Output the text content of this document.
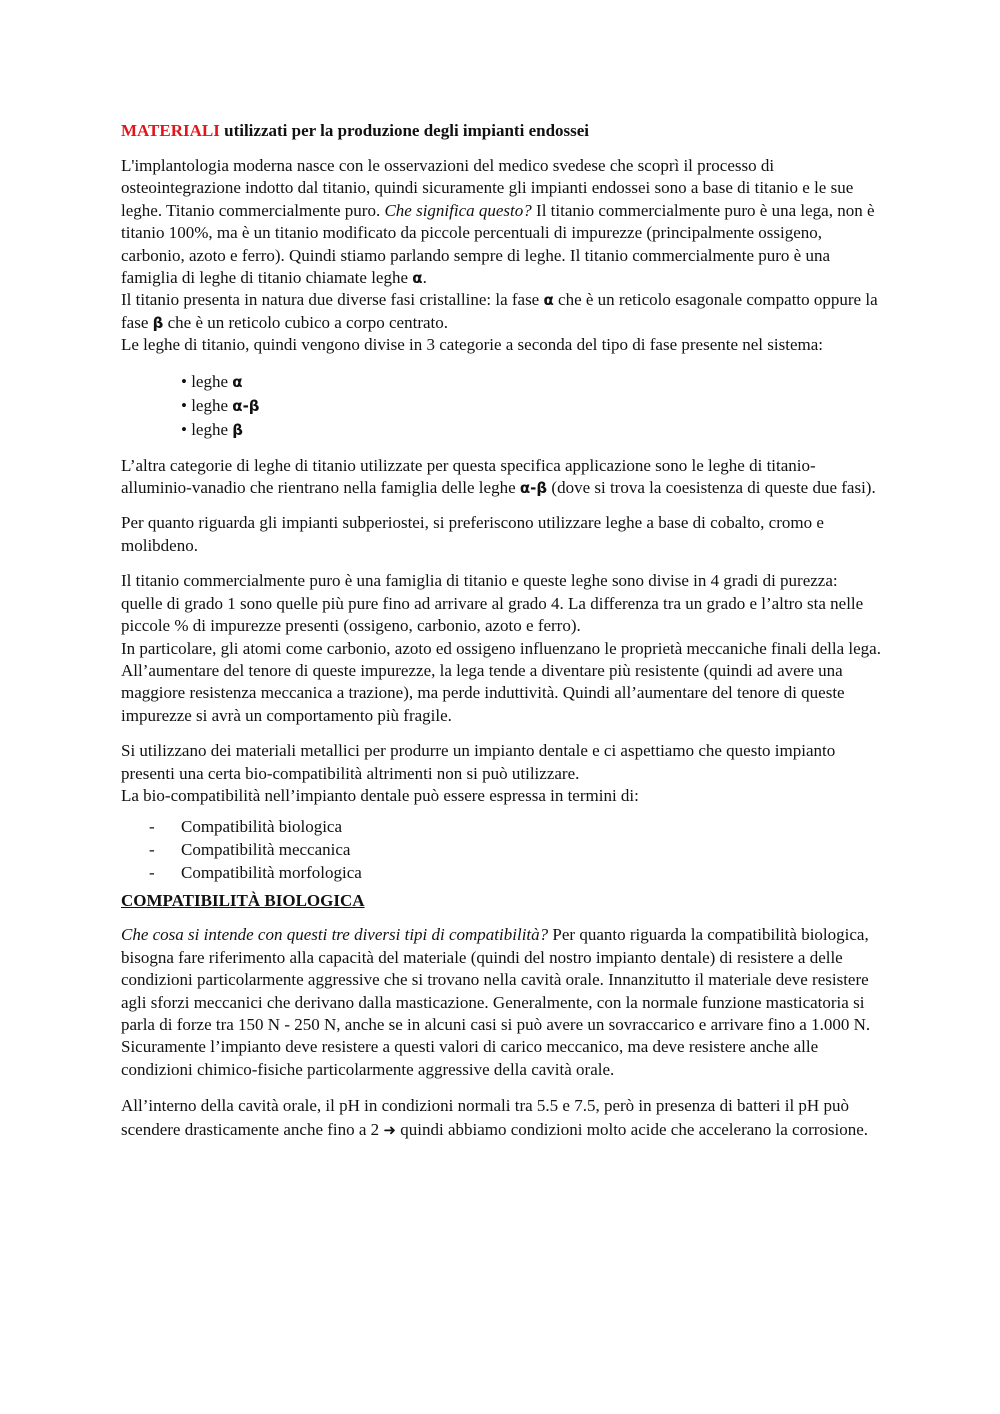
MATERIALI utilizzati per la produzione degli impianti endossei
L'implantologia moderna nasce con le osservazioni del medico svedese che scoprì il processo di osteointegrazione indotto dal titanio, quindi sicuramente gli impianti endossei sono a base di titanio e le sue leghe. Titanio commercialmente puro. Che significa questo? Il titanio commercialmente puro è una lega, non è titanio 100%, ma è un titanio modificato da piccole percentuali di impurezze (principalmente ossigeno, carbonio, azoto e ferro). Quindi stiamo parlando sempre di leghe. Il titanio commercialmente puro è una famiglia di leghe di titanio chiamate leghe α.
Il titanio presenta in natura due diverse fasi cristalline: la fase α che è un reticolo esagonale compatto oppure la fase β che è un reticolo cubico a corpo centrato.
Le leghe di titanio, quindi vengono divise in 3 categorie a seconda del tipo di fase presente nel sistema:
• leghe α
• leghe α-β
• leghe β

L’altra categorie di leghe di titanio utilizzate per questa specifica applicazione sono le leghe di titanio-alluminio-vanadio che rientrano nella famiglia delle leghe α-β (dove si trova la coesistenza di queste due fasi).

Per quanto riguarda gli impianti subperiostei, si preferiscono utilizzare leghe a base di cobalto, cromo e molibdeno.

Il titanio commercialmente puro è una famiglia di titanio e queste leghe sono divise in 4 gradi di purezza: quelle di grado 1 sono quelle più pure fino ad arrivare al grado 4. La differenza tra un grado e l’altro sta nelle piccole % di impurezze presenti (ossigeno, carbonio, azoto e ferro).
In particolare, gli atomi come carbonio, azoto ed ossigeno influenzano le proprietà meccaniche finali della lega. All’aumentare del tenore di queste impurezze, la lega tende a diventare più resistente (quindi ad avere una maggiore resistenza meccanica a trazione), ma perde induttività. Quindi all’aumentare del tenore di queste impurezze si avrà un comportamento più fragile.
Si utilizzano dei materiali metallici per produrre un impianto dentale e ci aspettiamo che questo impianto presenti una certa bio-compatibilità altrimenti non si può utilizzare.
La bio-compatibilità nell’impianto dentale può essere espressa in termini di:
-	Compatibilità biologica
-	Compatibilità meccanica
-	Compatibilità morfologica
COMPATIBILITÀ BIOLOGICA

Che cosa si intende con questi tre diversi tipi di compatibilità? Per quanto riguarda la compatibilità biologica, bisogna fare riferimento alla capacità del materiale (quindi del nostro impianto dentale) di resistere a delle condizioni particolarmente aggressive che si trovano nella cavità orale. Innanzitutto il materiale deve resistere agli sforzi meccanici che derivano dalla masticazione. Generalmente, con la normale funzione masticatoria si parla di forze tra 150 N - 250 N, anche se in alcuni casi si può avere un sovraccarico e arrivare fino a 1.000 N. Sicuramente l’impianto deve resistere a questi valori di carico meccanico, ma deve resistere anche alle condizioni chimico-fisiche particolarmente aggressive della cavità orale.

All’interno della cavità orale, il pH in condizioni normali tra 5.5 e 7.5, però in presenza di batteri il pH può scendere drasticamente anche fino a 2 ➜ quindi abbiamo condizioni molto acide che accelerano la corrosione.
